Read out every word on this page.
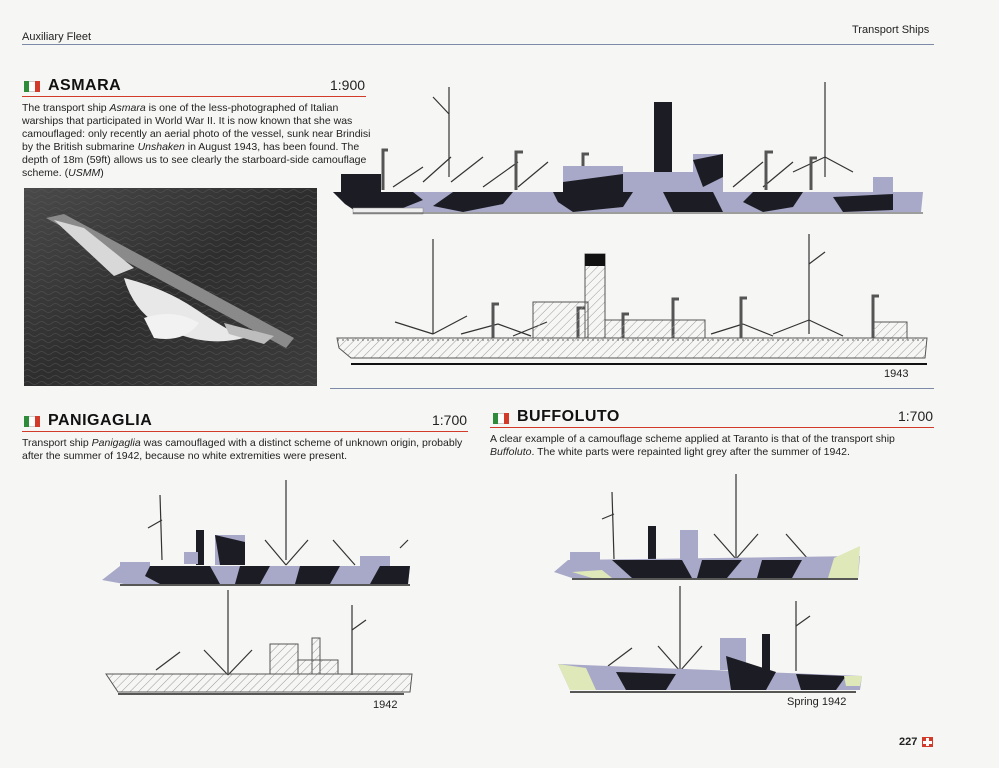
Auxiliary Fleet
Transport Ships
ASMARA	1:900
The transport ship Asmara is one of the less-photographed of Italian warships that participated in World War II. It is now known that she was camouflaged: only recently an aerial photo of the vessel, sunk near Brindisi by the British submarine Unshaken in August 1943, has been found. The depth of 18m (59ft) allows us to see clearly the starboard-side camouflage scheme. (USMM)
1943
PANIGAGLIA	1:700
Transport ship Panigaglia was camouflaged with a distinct scheme of unknown origin, probably after the summer of 1942, because no white extremities were present.
1942
BUFFOLUTO	1:700
A clear example of a camouflage scheme applied at Taranto is that of the transport ship Buffoluto. The white parts were repainted light grey after the summer of 1942.
Spring 1942
227
